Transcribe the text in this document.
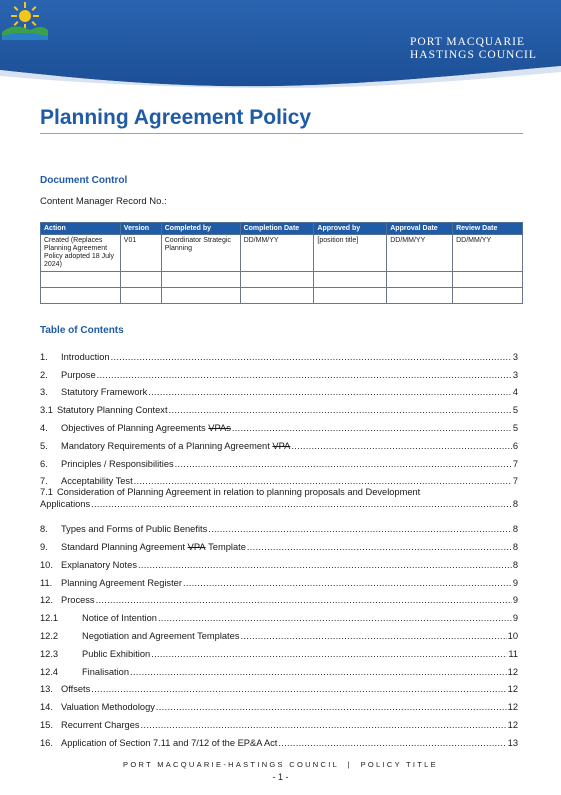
PORT MACQUARIE
HASTINGS COUNCIL
Planning Agreement Policy
Document Control
Content Manager Record No.:
Action	Version	Completed by	Completion Date	Approved by	Approval Date	Review Date
Created (Replaces Planning Agreement Policy adopted 18 July 2024)	V01	Coordinator Strategic Planning	DD/MM/YY	[position title]	DD/MM/YY	DD/MM/YY

Table of Contents
1.	Introduction .....	3
2.	Purpose .....	3
3.	Statutory Framework .....	4
3.1 Statutory Planning Context .....	5
4.	Objectives of Planning Agreements VPAs .....	5
5.	Mandatory Requirements of a Planning Agreement VPA .....	6
6.	Principles / Responsibilities .....	7
7.	Acceptability Test .....	7
7.1 Consideration of Planning Agreement in relation to planning proposals and Development
Applications .....	8
8.	Types and Forms of Public Benefits .....	8
9.	Standard Planning Agreement VPA Template .....	8
10. Explanatory Notes .....	8
11. Planning Agreement Register .....	9
12. Process .....	9
12.1	Notice of Intention .....	9
12.2	Negotiation and Agreement Templates .....	10
12.3	Public Exhibition .....	11
12.4	Finalisation .....	12
13. Offsets .....	12
14. Valuation Methodology .....	12
15. Recurrent Charges .....	12
16. Application of Section 7.11 and 7/12 of the EP&A Act .....	13
PORT MACQUARIE-HASTINGS COUNCIL  |  POLICY TITLE
- 1 -
